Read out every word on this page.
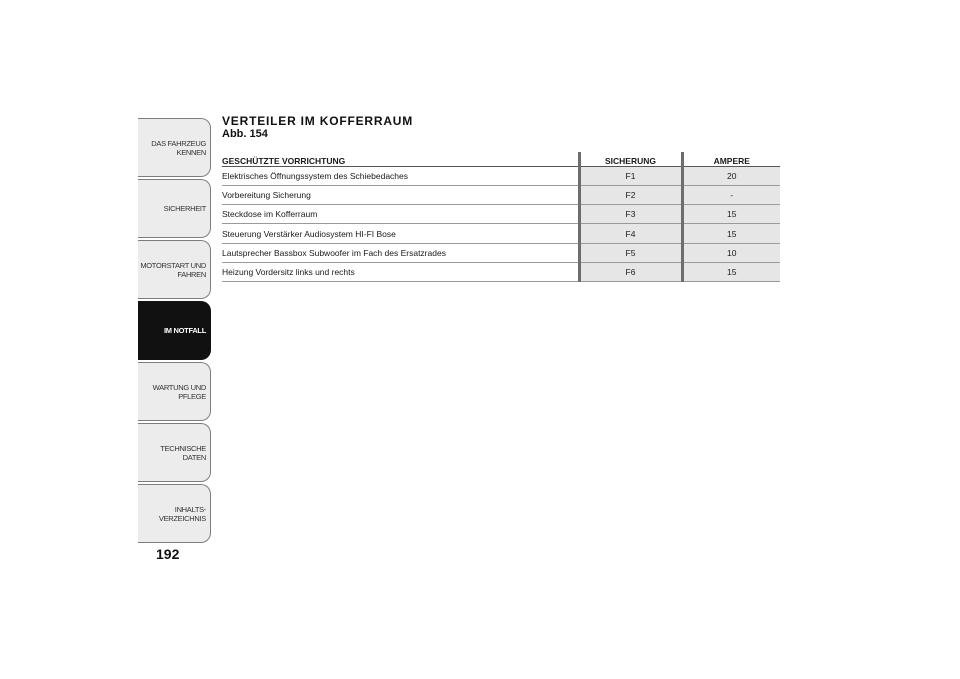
DAS FAHRZEUG
KENNEN
SICHERHEIT
MOTORSTART UND
FAHREN
IM NOTFALL
WARTUNG UND
PFLEGE
TECHNISCHE DATEN
INHALTS-
VERZEICHNIS
192
VERTEILER IM KOFFERRAUM
Abb. 154
GESCHÜTZTE VORRICHTUNG	SICHERUNG	AMPERE
Elektrisches Öffnungssystem des Schiebedaches	F1	20
Vorbereitung Sicherung	F2	-
Steckdose im Kofferraum	F3	15
Steuerung Verstärker Audiosystem HI-FI Bose	F4	15
Lautsprecher Bassbox Subwoofer im Fach des Ersatzrades	F5	10
Heizung Vordersitz links und rechts	F6	15
